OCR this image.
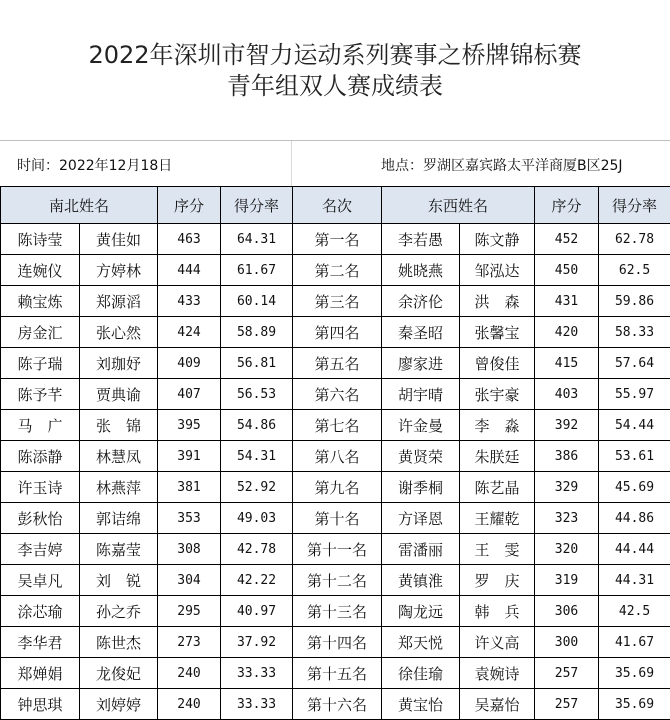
2022年深圳市智力运动系列赛事之桥牌锦标赛
青年组双人赛成绩表
时间：2022年12月18日	地点：罗湖区嘉宾路太平洋商厦B区25J
南北姓名		序分	得分率	名次	东西姓名		序分	得分率
陈诗莹	黄佳如	463	64.31	第一名	李若愚	陈文静	452	62.78
连婉仪	方婷林	444	61.67	第二名	姚晓燕	邹泓达	450	62.5
赖宝炼	郑源滔	433	60.14	第三名	余济伦	洪　森	431	59.86
房金汇	张心然	424	58.89	第四名	秦圣昭	张馨宝	420	58.33
陈子瑞	刘珈妤	409	56.81	第五名	廖家进	曾俊佳	415	57.64
陈予芊	贾典谕	407	56.53	第六名	胡宇晴	张宇豪	403	55.97
马　广	张　锦	395	54.86	第七名	许金曼	李　淼	392	54.44
陈添静	林慧凤	391	54.31	第八名	黄贤荣	朱朕廷	386	53.61
许玉诗	林燕萍	381	52.92	第九名	谢季桐	陈艺晶	329	45.69
彭秋怡	郭诘绵	353	49.03	第十名	方译恩	王耀乾	323	44.86
李吉婷	陈嘉莹	308	42.78	第十一名	雷潘丽	王　雯	320	44.44
吴卓凡	刘　锐	304	42.22	第十二名	黄镇淮	罗　庆	319	44.31
涂芯瑜	孙之乔	295	40.97	第十三名	陶龙远	韩　兵	306	42.5
李华君	陈世杰	273	37.92	第十四名	郑天悦	许义高	300	41.67
郑婵娟	龙俊妃	240	33.33	第十五名	徐佳瑜	袁婉诗	257	35.69
钟思琪	刘婷婷	240	33.33	第十六名	黄宝怡	吴嘉怡	257	35.69
